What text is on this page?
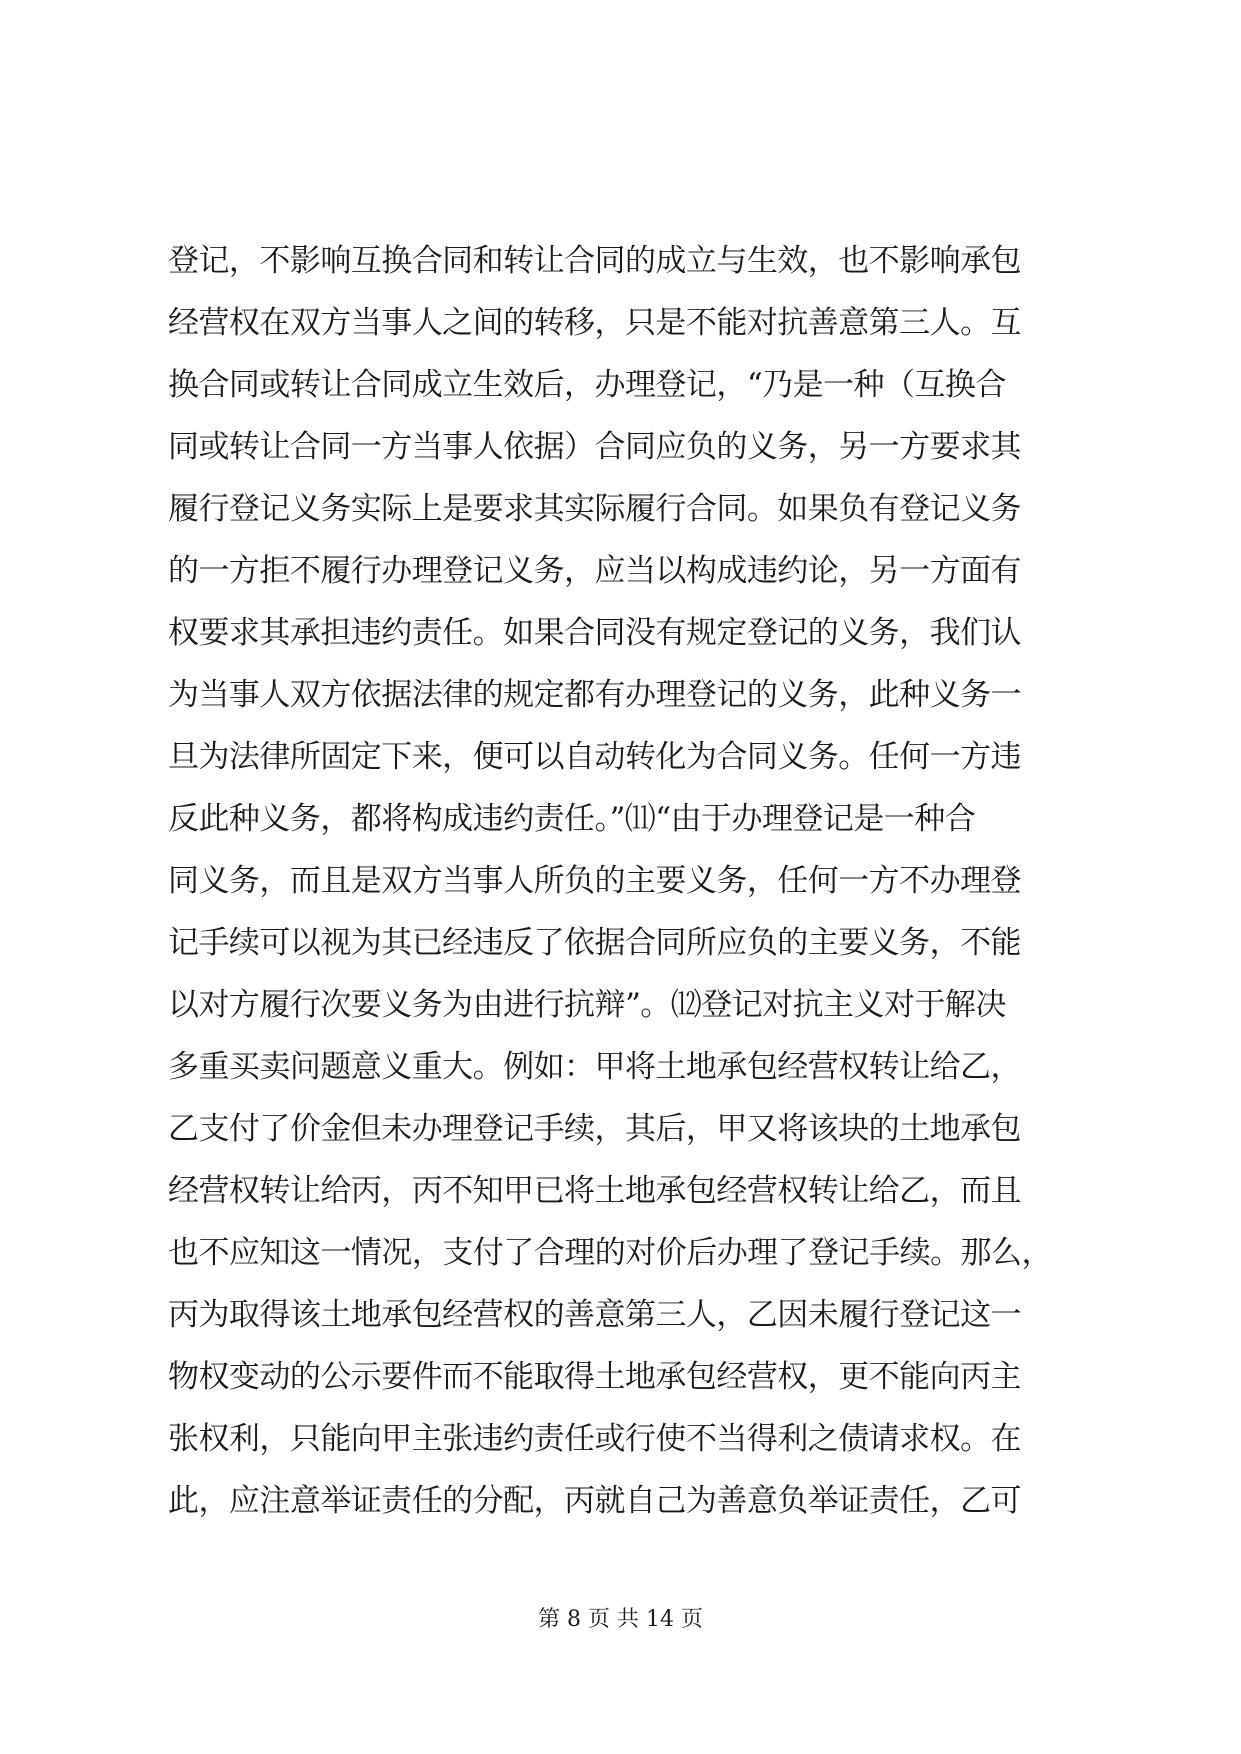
登记，不影响互换合同和转让合同的成立与生效，也不影响承包
经营权在双方当事人之间的转移，只是不能对抗善意第三人。互
换合同或转让合同成立生效后，办理登记，“乃是一种（互换合
同或转让合同一方当事人依据）合同应负的义务，另一方要求其
履行登记义务实际上是要求其实际履行合同。如果负有登记义务
的一方拒不履行办理登记义务，应当以构成违约论，另一方面有
权要求其承担违约责任。如果合同没有规定登记的义务，我们认
为当事人双方依据法律的规定都有办理登记的义务，此种义务一
旦为法律所固定下来，便可以自动转化为合同义务。任何一方违
反此种义务，都将构成违约责任。”⑾“由于办理登记是一种合
同义务，而且是双方当事人所负的主要义务，任何一方不办理登
记手续可以视为其已经违反了依据合同所应负的主要义务，不能
以对方履行次要义务为由进行抗辩”。⑿登记对抗主义对于解决
多重买卖问题意义重大。例如：甲将土地承包经营权转让给乙，
乙支付了价金但未办理登记手续，其后，甲又将该块的土地承包
经营权转让给丙，丙不知甲已将土地承包经营权转让给乙，而且
也不应知这一情况，支付了合理的对价后办理了登记手续。那么，
丙为取得该土地承包经营权的善意第三人，乙因未履行登记这一
物权变动的公示要件而不能取得土地承包经营权，更不能向丙主
张权利，只能向甲主张违约责任或行使不当得利之债请求权。在
此，应注意举证责任的分配，丙就自己为善意负举证责任，乙可
第 8 页 共 14 页
